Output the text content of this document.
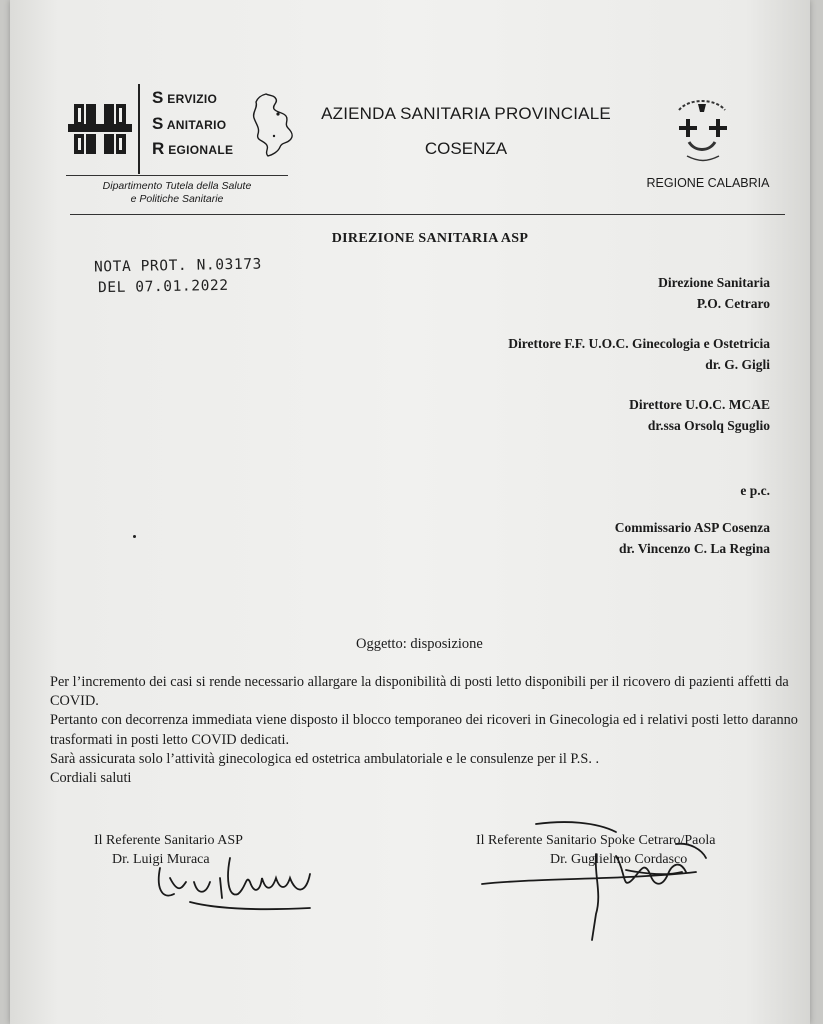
S ERVIZIO
S ANITARIO
R EGIONALE
Dipartimento Tutela della Salute
e Politiche Sanitarie
AZIENDA SANITARIA PROVINCIALE
COSENZA
REGIONE CALABRIA
DIREZIONE SANITARIA ASP
NOTA PROT. N.03173
DEL 07.01.2022	Direzione Sanitaria
P.O. Cetraro
Direttore F.F. U.O.C. Ginecologia e Ostetricia
dr. G. Gigli
Direttore U.O.C. MCAE
dr.ssa Orsolq Sguglio
e p.c.
Commissario ASP Cosenza
dr. Vincenzo C. La Regina
Oggetto: disposizione

Per l’incremento dei casi si rende necessario allargare la disponibilità di posti letto disponibili per il ricovero di pazienti affetti da COVID.

Pertanto con decorrenza immediata viene disposto il blocco temporaneo dei ricoveri in Ginecologia ed i relativi posti letto daranno trasformati in posti letto COVID dedicati.

Sarà assicurata solo l’attività ginecologica ed ostetrica ambulatoriale e le consulenze per il P.S. .

Cordiali saluti

Il Referente Sanitario ASP
Dr. Luigi Muraca
Il Referente Sanitario Spoke Cetraro/Paola
Dr. Guglielmo Cordasco
